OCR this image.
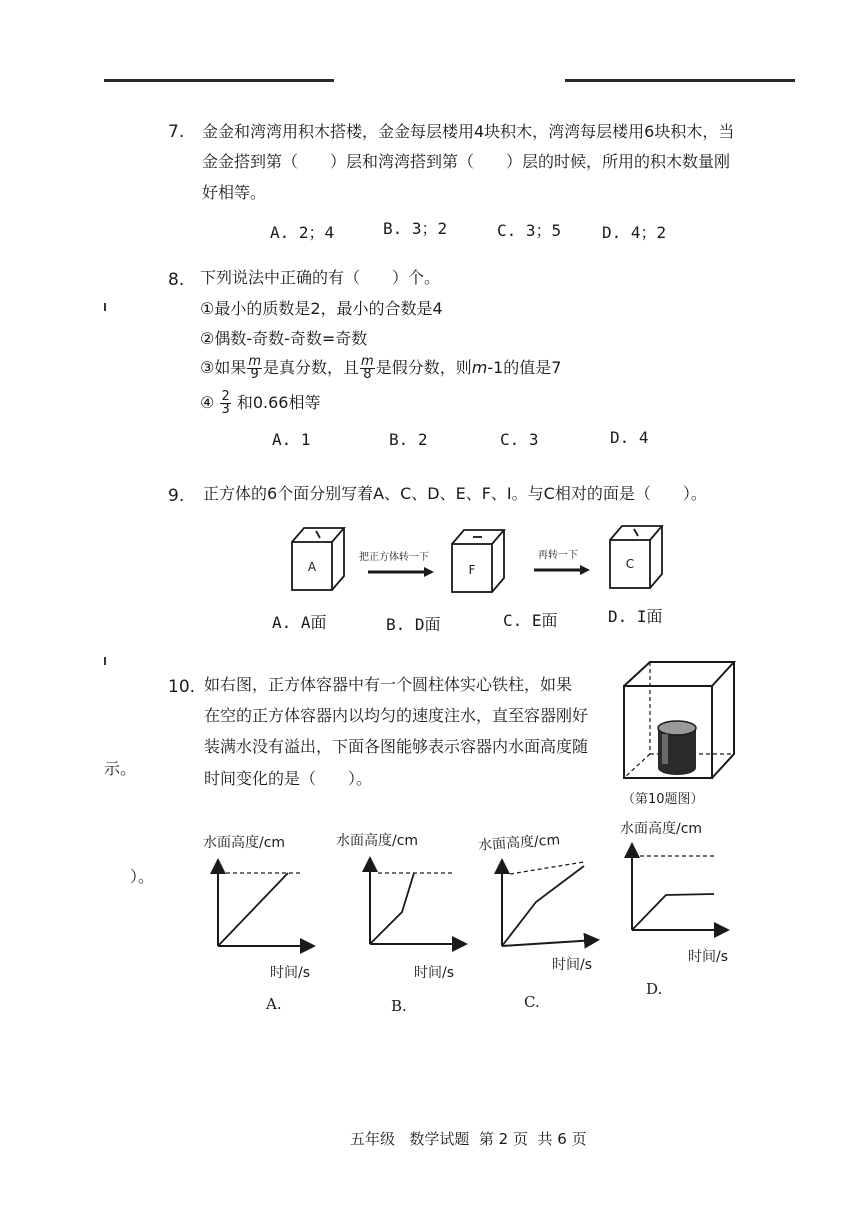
7. 金金和湾湾用积木搭楼，金金每层楼用4块积木，湾湾每层楼用6块积木，当
金金搭到第（　　）层和湾湾搭到第（　　）层的时候，所用的积木数量刚
好相等。
A. 2；4	B. 3；2	C. 3；5	D. 4；2
8. 下列说法中正确的有（　　）个。
①最小的质数是2，最小的合数是4
②偶数-奇数-奇数=奇数
③如果 $\frac{m}{9}$ 是真分数，且 $\frac{m}{8}$ 是假分数，则m-1的值是7
④ $\frac{2}{3}$ 和0.66相等
A. 1	B. 2	C. 3	D. 4
9. 正方体的6个面分别写着A、C、D、E、F、I。与C相对的面是（　　）。
A
把正方体转一下
F
再转一下
C
A. A面	B. D面	C. E面	D. I面
10. 如右图，正方体容器中有一个圆柱体实心铁柱，如果
在空的正方体容器内以均匀的速度注水，直至容器刚好
装满水没有溢出，下面各图能够表示容器内水面高度随
时间变化的是（　　）。
（第10题图）
水面高度/cm	水面高度/cm	水面高度/cm
水面高度/cm
时间/s	时间/s	时间/s	时间/s
A.	B.	C.
D.
示。
）。
五年级 数学试题 第 2 页 共 6 页
